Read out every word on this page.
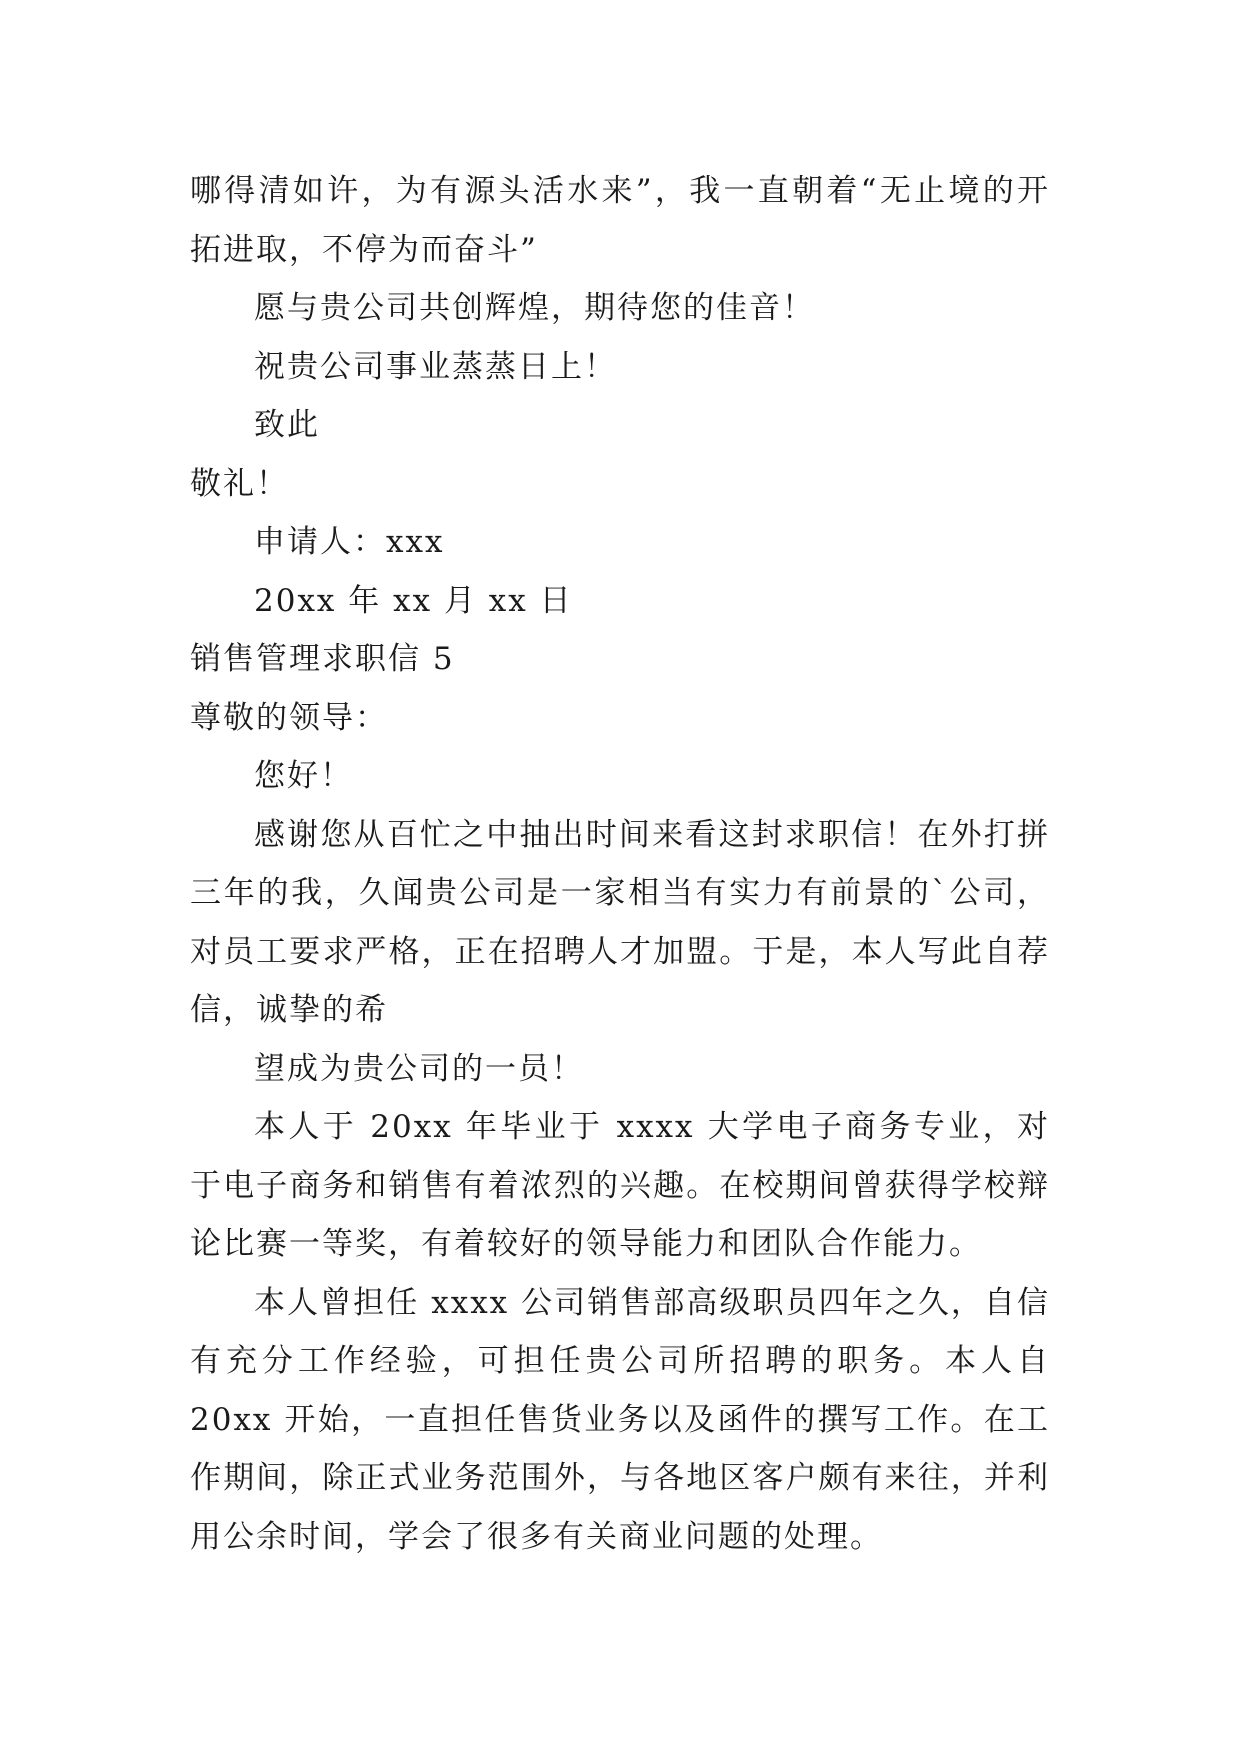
哪得清如许，为有源头活水来”，我一直朝着“无止境的开拓进取，不停为而奋斗”

愿与贵公司共创辉煌，期待您的佳音！

祝贵公司事业蒸蒸日上！

致此

敬礼！

申请人：xxx

20xx 年 xx 月 xx 日

销售管理求职信 5

尊敬的领导：

您好！

感谢您从百忙之中抽出时间来看这封求职信！在外打拼三年的我，久闻贵公司是一家相当有实力有前景的`公司，对员工要求严格，正在招聘人才加盟。于是，本人写此自荐信，诚挚的希

望成为贵公司的一员！

本人于 20xx 年毕业于 xxxx 大学电子商务专业，对于电子商务和销售有着浓烈的兴趣。在校期间曾获得学校辩论比赛一等奖，有着较好的领导能力和团队合作能力。

本人曾担任 xxxx 公司销售部高级职员四年之久，自信有充分工作经验，可担任贵公司所招聘的职务。本人自 20xx 开始，一直担任售货业务以及函件的撰写工作。在工作期间，除正式业务范围外，与各地区客户颇有来往，并利用公余时间，学会了很多有关商业问题的处理。
